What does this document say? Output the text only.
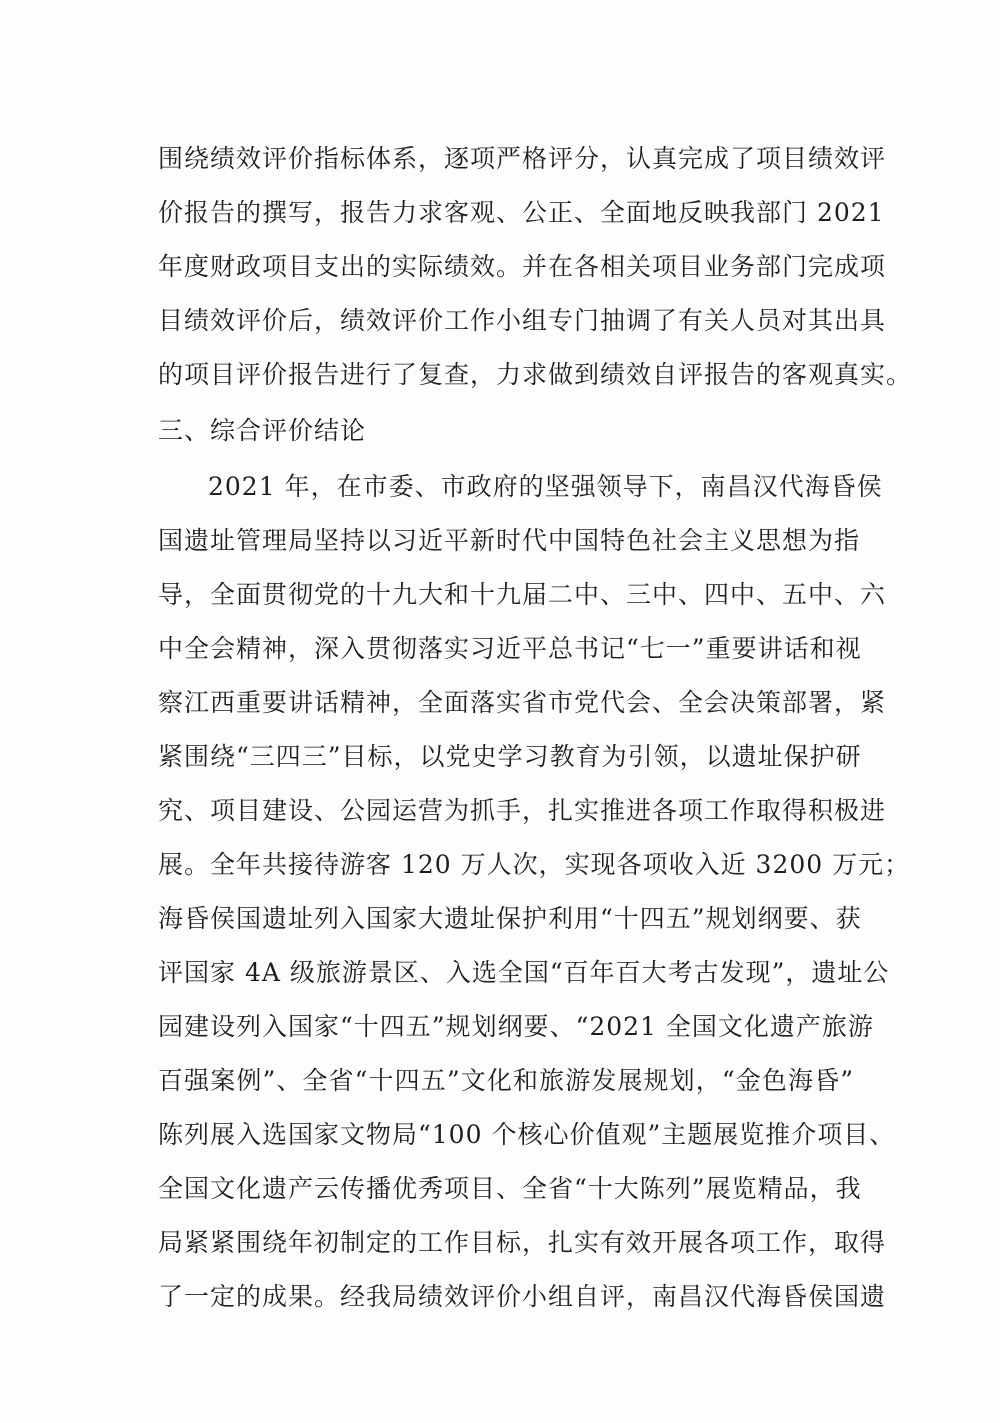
围绕绩效评价指标体系，逐项严格评分，认真完成了项目绩效评
价报告的撰写，报告力求客观、公正、全面地反映我部门 2021
年度财政项目支出的实际绩效。并在各相关项目业务部门完成项
目绩效评价后，绩效评价工作小组专门抽调了有关人员对其出具
的项目评价报告进行了复查，力求做到绩效自评报告的客观真实。
三、综合评价结论
2021 年，在市委、市政府的坚强领导下，南昌汉代海昏侯
国遗址管理局坚持以习近平新时代中国特色社会主义思想为指
导，全面贯彻党的十九大和十九届二中、三中、四中、五中、六
中全会精神，深入贯彻落实习近平总书记“七一”重要讲话和视
察江西重要讲话精神，全面落实省市党代会、全会决策部署，紧
紧围绕“三四三”目标，以党史学习教育为引领，以遗址保护研
究、项目建设、公园运营为抓手，扎实推进各项工作取得积极进
展。全年共接待游客 120 万人次，实现各项收入近 3200 万元；
海昏侯国遗址列入国家大遗址保护利用“十四五”规划纲要、获
评国家 4A 级旅游景区、入选全国“百年百大考古发现”，遗址公
园建设列入国家“十四五”规划纲要、“2021 全国文化遗产旅游
百强案例”、全省“十四五”文化和旅游发展规划，“金色海昏”
陈列展入选国家文物局“100 个核心价值观”主题展览推介项目、
全国文化遗产云传播优秀项目、全省“十大陈列”展览精品，我
局紧紧围绕年初制定的工作目标，扎实有效开展各项工作，取得
了一定的成果。经我局绩效评价小组自评，南昌汉代海昏侯国遗
